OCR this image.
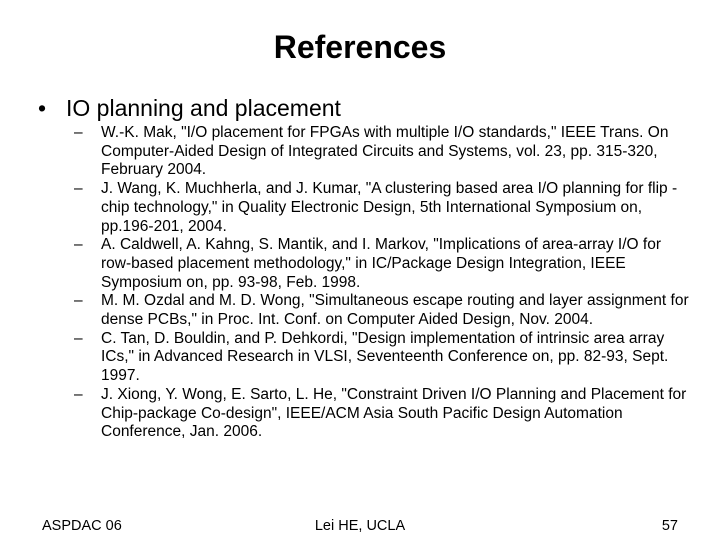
References
• IO planning and placement
– W.-K. Mak, "I/O placement for FPGAs with multiple I/O standards," IEEE Trans. On Computer-Aided Design of Integrated Circuits and Systems, vol. 23, pp. 315-320, February 2004.
– J. Wang, K. Muchherla, and J. Kumar, "A clustering based area I/O planning for flip -chip technology," in Quality Electronic Design, 5th International Symposium on, pp.196-201, 2004.
– A. Caldwell, A. Kahng, S. Mantik, and I. Markov, "Implications of area-array I/O for row-based placement methodology," in IC/Package Design Integration, IEEE Symposium on, pp. 93-98, Feb. 1998.
– M. M. Ozdal and M. D. Wong, "Simultaneous escape routing and layer assignment for dense PCBs," in Proc. Int. Conf. on Computer Aided Design, Nov. 2004.
– C. Tan, D. Bouldin, and P. Dehkordi, "Design implementation of intrinsic area array ICs," in Advanced Research in VLSI, Seventeenth Conference on, pp. 82-93, Sept. 1997.
– J. Xiong, Y. Wong, E. Sarto, L. He, "Constraint Driven I/O Planning and Placement for Chip-package Co-design", IEEE/ACM Asia South Pacific Design Automation Conference, Jan. 2006.
ASPDAC 06	Lei HE, UCLA	57
